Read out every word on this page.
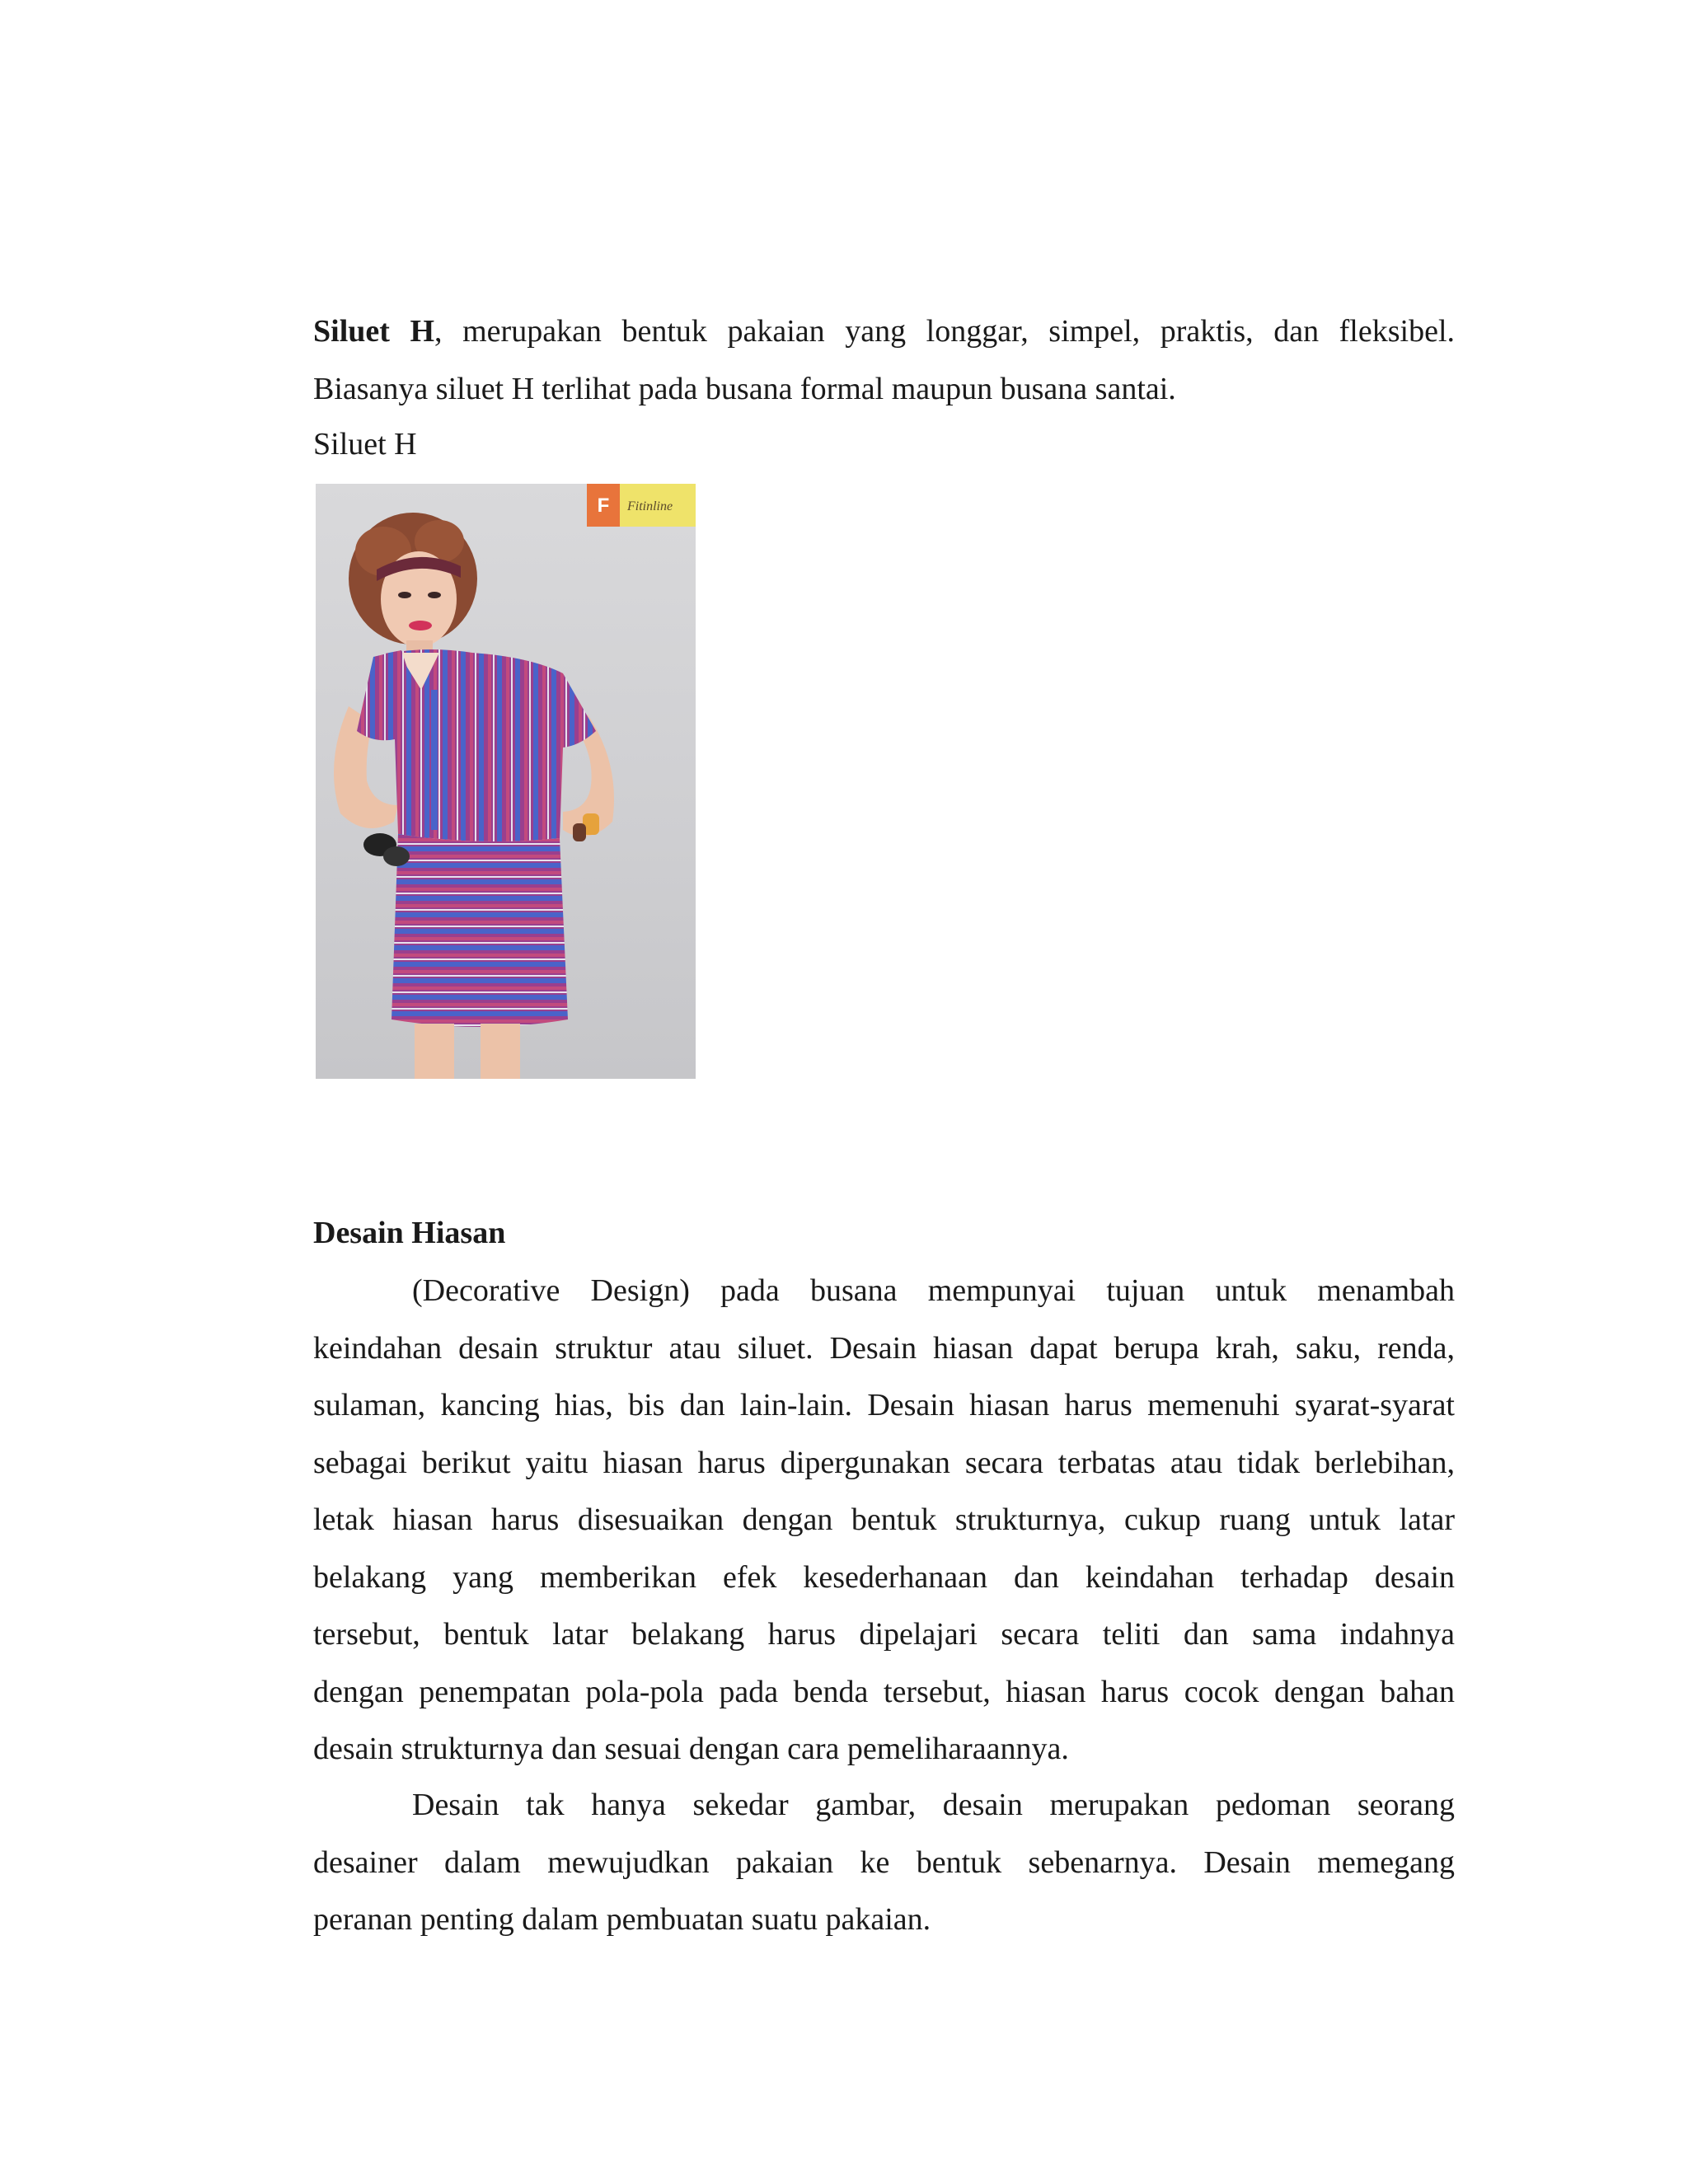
Siluet H, merupakan bentuk pakaian yang longgar, simpel, praktis, dan fleksibel.
Biasanya siluet H terlihat pada busana formal maupun busana santai.
Siluet H
F Fitinline
Desain Hiasan
(Decorative Design) pada busana mempunyai tujuan untuk menambah
keindahan desain struktur atau siluet. Desain hiasan dapat berupa krah, saku, renda,
sulaman, kancing hias, bis dan lain-lain. Desain hiasan harus memenuhi syarat-syarat
sebagai berikut yaitu hiasan harus dipergunakan secara terbatas atau tidak berlebihan,
letak hiasan harus disesuaikan dengan bentuk strukturnya, cukup ruang untuk latar
belakang yang memberikan efek kesederhanaan dan keindahan terhadap desain
tersebut, bentuk latar belakang harus dipelajari secara teliti dan sama indahnya
dengan penempatan pola-pola pada benda tersebut, hiasan harus cocok dengan bahan
desain strukturnya dan sesuai dengan cara pemeliharaannya.
Desain tak hanya sekedar gambar, desain merupakan pedoman seorang
desainer dalam mewujudkan pakaian ke bentuk sebenarnya. Desain memegang
peranan penting dalam pembuatan suatu pakaian.
